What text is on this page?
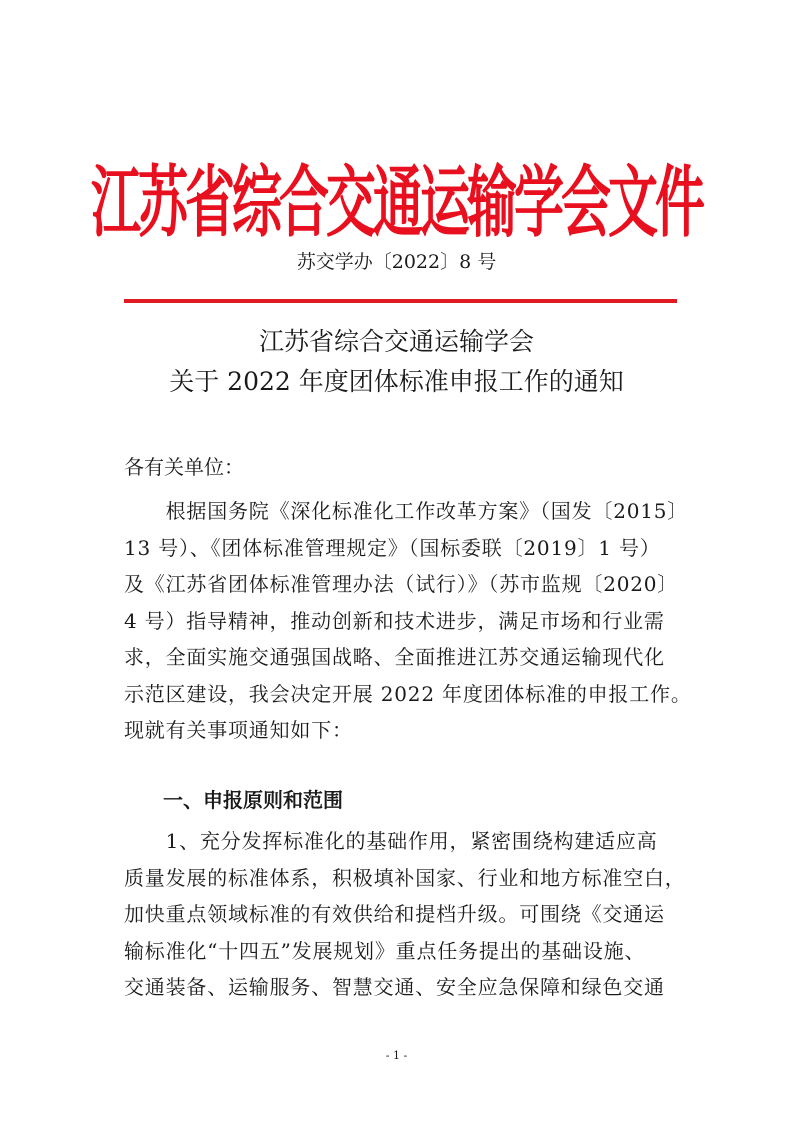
江苏省综合交通运输学会文件
苏交学办〔2022〕8 号
江苏省综合交通运输学会
关于 2022 年度团体标准申报工作的通知
各有关单位：
　　根据国务院《深化标准化工作改革方案》（国发〔2015〕
13 号）、《团体标准管理规定》（国标委联〔2019〕1 号）
及《江苏省团体标准管理办法（试行）》（苏市监规〔2020〕
4 号）指导精神，推动创新和技术进步，满足市场和行业需
求，全面实施交通强国战略、全面推进江苏交通运输现代化
示范区建设，我会决定开展 2022 年度团体标准的申报工作。
现就有关事项通知如下：
一、申报原则和范围
　　1、充分发挥标准化的基础作用，紧密围绕构建适应高
质量发展的标准体系，积极填补国家、行业和地方标准空白，
加快重点领域标准的有效供给和提档升级。可围绕《交通运
输标准化“十四五”发展规划》重点任务提出的基础设施、
交通装备、运输服务、智慧交通、安全应急保障和绿色交通
- 1 -
